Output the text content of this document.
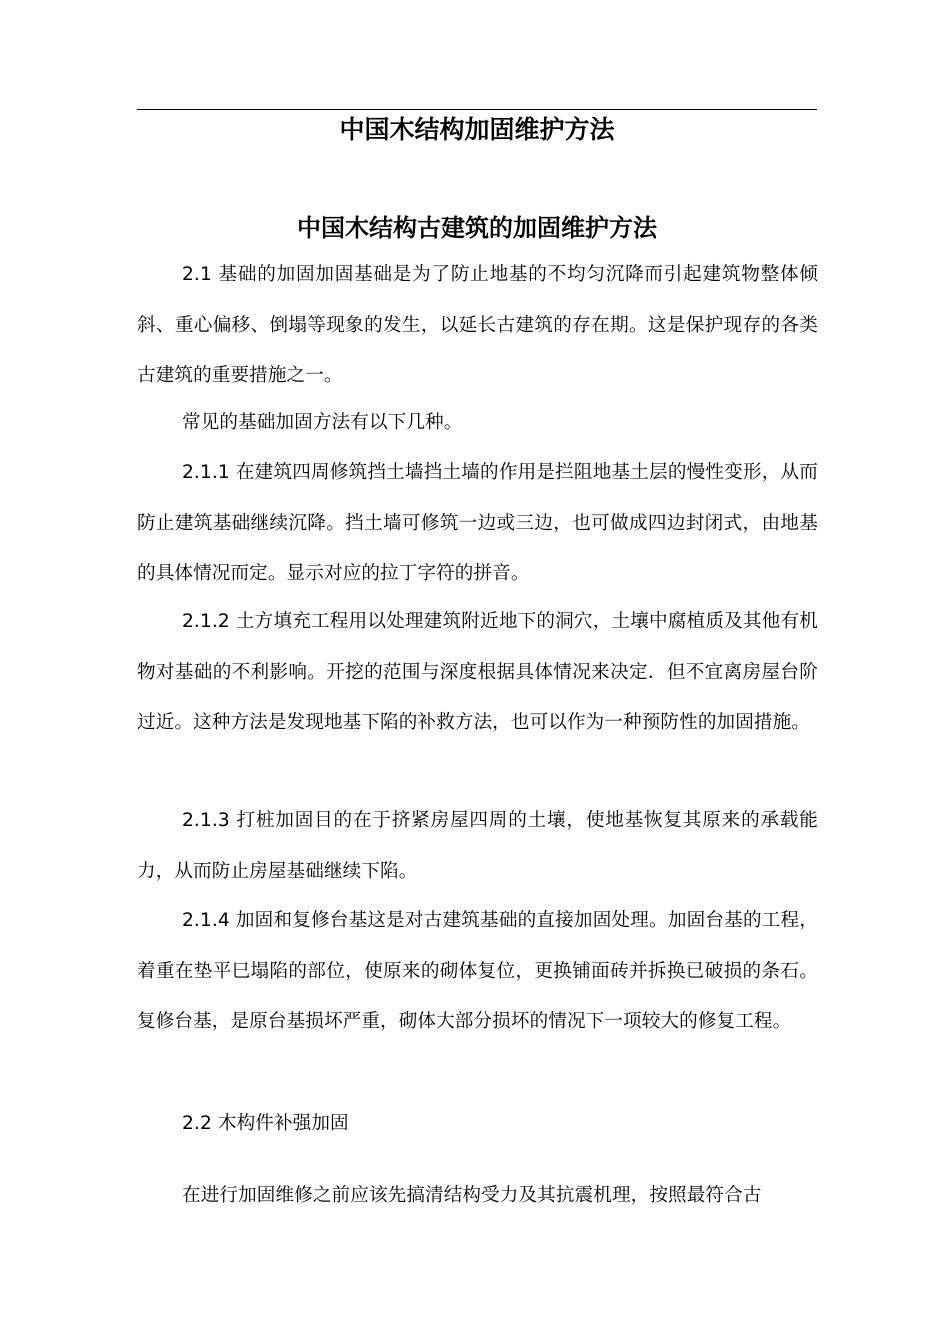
中国木结构加固维护方法
中国木结构古建筑的加固维护方法

2.1 基础的加固加固基础是为了防止地基的不均匀沉降而引起建筑物整体倾斜、重心偏移、倒塌等现象的发生，以延长古建筑的存在期。这是保护现存的各类古建筑的重要措施之一。

常见的基础加固方法有以下几种。

2.1.1 在建筑四周修筑挡土墙挡土墙的作用是拦阻地基土层的慢性变形，从而防止建筑基础继续沉降。挡土墙可修筑一边或三边，也可做成四边封闭式，由地基的具体情况而定。显示对应的拉丁字符的拼音。

2.1.2 土方填充工程用以处理建筑附近地下的洞穴，土壤中腐植质及其他有机物对基础的不利影响。开挖的范围与深度根据具体情况来决定．但不宜离房屋台阶过近。这种方法是发现地基下陷的补救方法，也可以作为一种预防性的加固措施。

2.1.3 打桩加固目的在于挤紧房屋四周的土壤，使地基恢复其原来的承载能力，从而防止房屋基础继续下陷。

2.1.4 加固和复修台基这是对古建筑基础的直接加固处理。加固台基的工程，着重在垫平巳塌陷的部位，使原来的砌体复位，更换铺面砖并拆换已破损的条石。复修台基，是原台基损坏严重，砌体大部分损坏的情况下一项较大的修复工程。

2.2 木构件补强加固

在进行加固维修之前应该先搞清结构受力及其抗震机理，按照最符合古
